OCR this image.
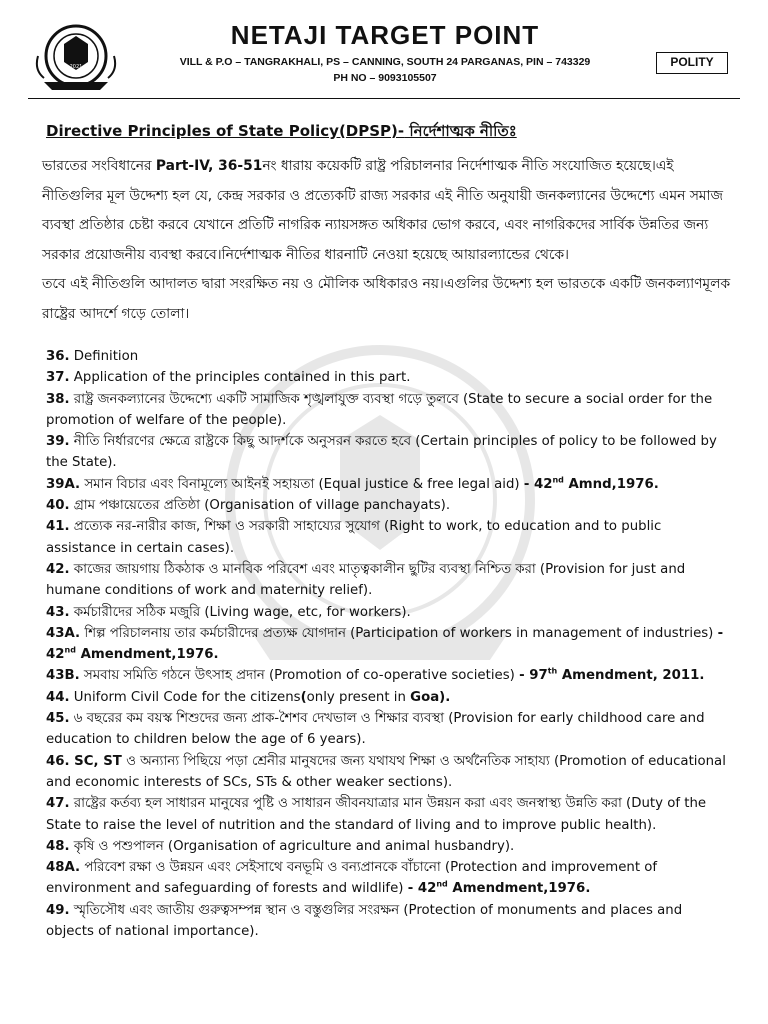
2021
NETAJI TARGET POINT
VILL & P.O – TANGRAKHALI, PS – CANNING, SOUTH 24 PARGANAS, PIN – 743329
PH NO – 9093105507
POLITY
Directive Principles of State Policy(DPSP)- নির্দেশাত্মক নীতিঃ

ভারতের সংবিধানের Part-IV, 36-51নং ধারায় কয়েকটি রাষ্ট্র পরিচালনার নির্দেশাত্মক নীতি সংযোজিত হয়েছে।এই নীতিগুলির মূল উদ্দেশ্য হল যে, কেন্দ্র সরকার ও প্রত্যেকটি রাজ্য সরকার এই নীতি অনুযায়ী জনকল্যানের উদ্দেশ্যে এমন সমাজ ব্যবস্থা প্রতিষ্ঠার চেষ্টা করবে যেখানে প্রতিটি নাগরিক ন্যায়সঙ্গত অধিকার ভোগ করবে, এবং নাগরিকদের সার্বিক উন্নতির জন্য সরকার প্রয়োজনীয় ব্যবস্থা করবে।নির্দেশাত্মক নীতির ধারনাটি নেওয়া হয়েছে আয়ারল্যান্ডের থেকে।

তবে এই নীতিগুলি আদালত দ্বারা সংরক্ষিত নয় ও মৌলিক অধিকারও নয়।এগুলির উদ্দেশ্য হল ভারতকে একটি জনকল্যাণমূলক রাষ্ট্রের আদর্শে গড়ে তোলা।

36. Definition
37. Application of the principles contained in this part.
38. রাষ্ট্র জনকল্যানের উদ্দেশ্যে একটি সামাজিক শৃঙ্খলাযুক্ত ব্যবস্থা গড়ে তুলবে (State to secure a social order for the promotion of welfare of the people).
39. নীতি নির্ধারণের ক্ষেত্রে রাষ্ট্রকে কিছু আদর্শকে অনুসরন করতে হবে (Certain principles of policy to be followed by the State).
39A. সমান বিচার এবং বিনামূল্যে আইনই সহায়তা (Equal justice & free legal aid) - 42nd Amnd,1976.
40. গ্রাম পঞ্চায়েতের প্রতিষ্ঠা (Organisation of village panchayats).
41. প্রত্যেক নর-নারীর কাজ, শিক্ষা ও সরকারী সাহায্যের সুযোগ (Right to work, to education and to public assistance in certain cases).
42. কাজের জায়গায় ঠিকঠাক ও মানবিক পরিবেশ এবং মাতৃত্বকালীন ছুটির ব্যবস্থা নিশ্চিত করা (Provision for just and humane conditions of work and maternity relief).
43. কর্মচারীদের সঠিক মজুরি (Living wage, etc, for workers).
43A. শিল্প পরিচালনায় তার কর্মচারীদের প্রত্যক্ষ যোগদান (Participation of workers in management of industries) - 42nd Amendment,1976.
43B. সমবায় সমিতি গঠনে উৎসাহ প্রদান (Promotion of co-operative societies) - 97th Amendment, 2011.
44. Uniform Civil Code for the citizens(only present in Goa).
45. ৬ বছরের কম বয়স্ক শিশুদের জন্য প্রাক-শৈশব দেখভাল ও শিক্ষার ব্যবস্থা (Provision for early childhood care and education to children below the age of 6 years).
46. SC, ST ও অন্যান্য পিছিয়ে পড়া শ্রেনীর মানুষদের জন্য যথাযথ শিক্ষা ও অর্থনৈতিক সাহায্য (Promotion of educational and economic interests of SCs, STs & other weaker sections).
47. রাষ্ট্রের কর্তব্য হল সাধারন মানুষের পুষ্টি ও সাধারন জীবনযাত্রার মান উন্নয়ন করা এবং জনস্বাস্থ্য উন্নতি করা (Duty of the State to raise the level of nutrition and the standard of living and to improve public health).
48. কৃষি ও পশুপালন (Organisation of agriculture and animal husbandry).
48A. পরিবেশ রক্ষা ও উন্নয়ন এবং সেইসাথে বনভূমি ও বন্যপ্রানকে বাঁচানো (Protection and improvement of environment and safeguarding of forests and wildlife) - 42nd Amendment,1976.
49. স্মৃতিসৌধ এবং জাতীয় গুরুত্বসম্পন্ন স্থান ও বস্তুগুলির সংরক্ষন (Protection of monuments and places and objects of national importance).
